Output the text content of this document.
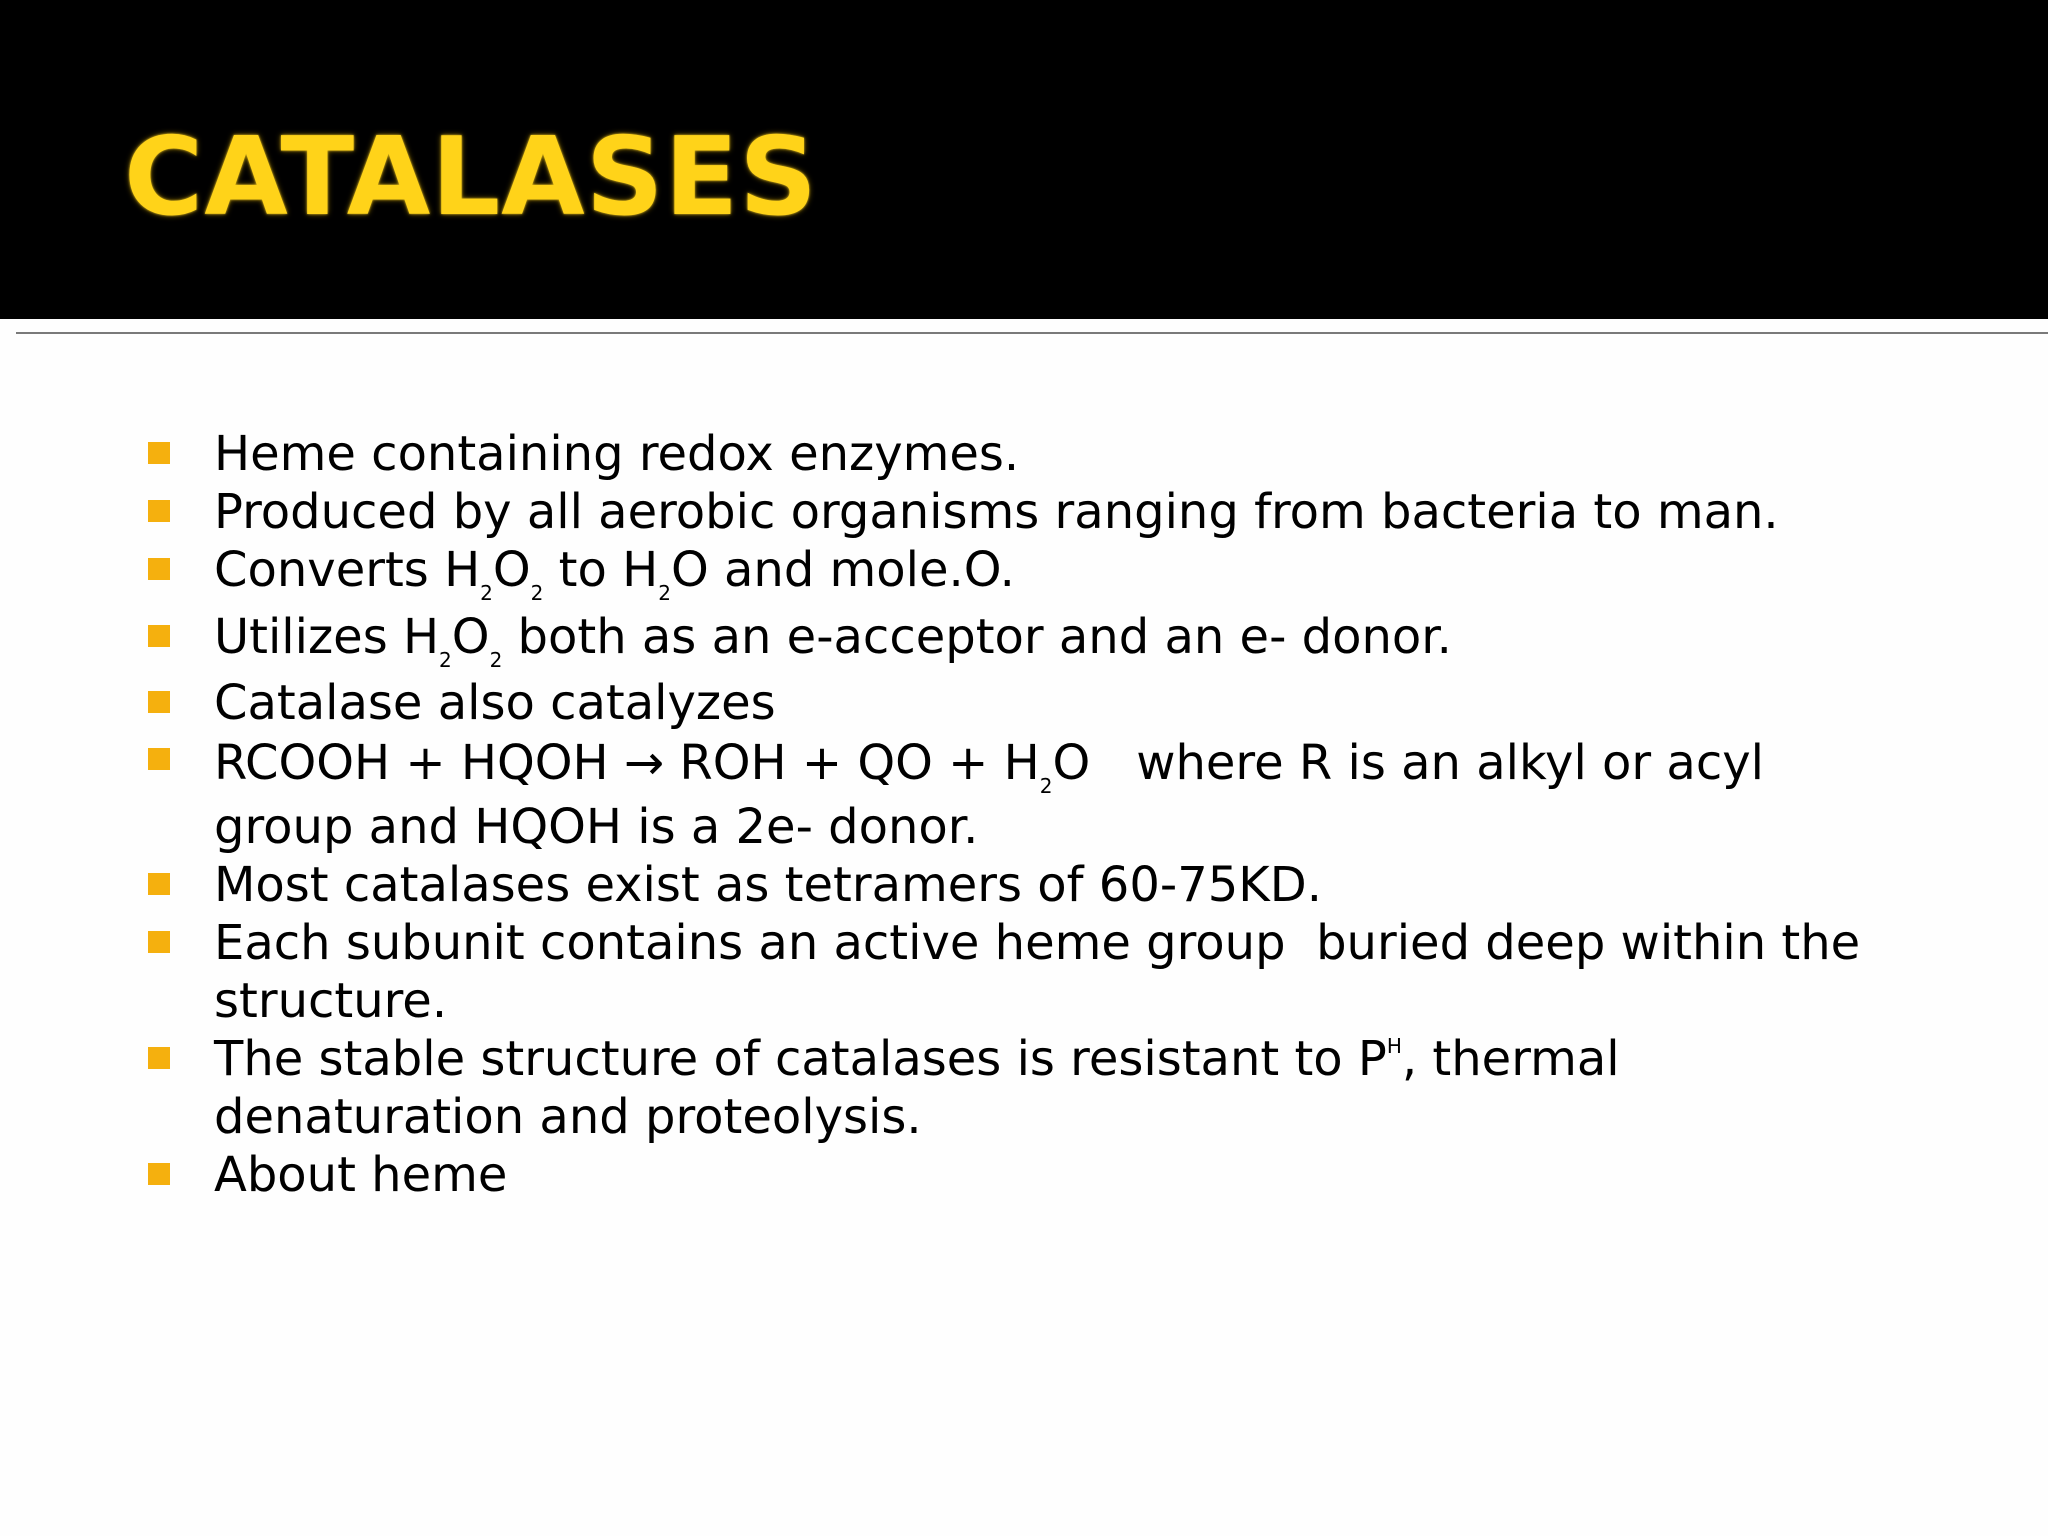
CATALASES

Heme containing redox enzymes.

Produced by all aerobic organisms ranging from bacteria to man.

Converts $H_2O_2$ to $H_2O$ and mole.O.

Utilizes $H_2O_2$ both as an e-acceptor and an e- donor.

Catalase also catalyzes

RCOOH + HQOH → ROH + QO + $H_2O$ where R is an alkyl or acyl
group and HQOH is a 2e- donor.

Most catalases exist as tetramers of 60-75KD.

Each subunit contains an active heme group  buried deep within the
structure.

The stable structure of catalases is resistant to $P^H$, thermal
denaturation and proteolysis.

About heme
